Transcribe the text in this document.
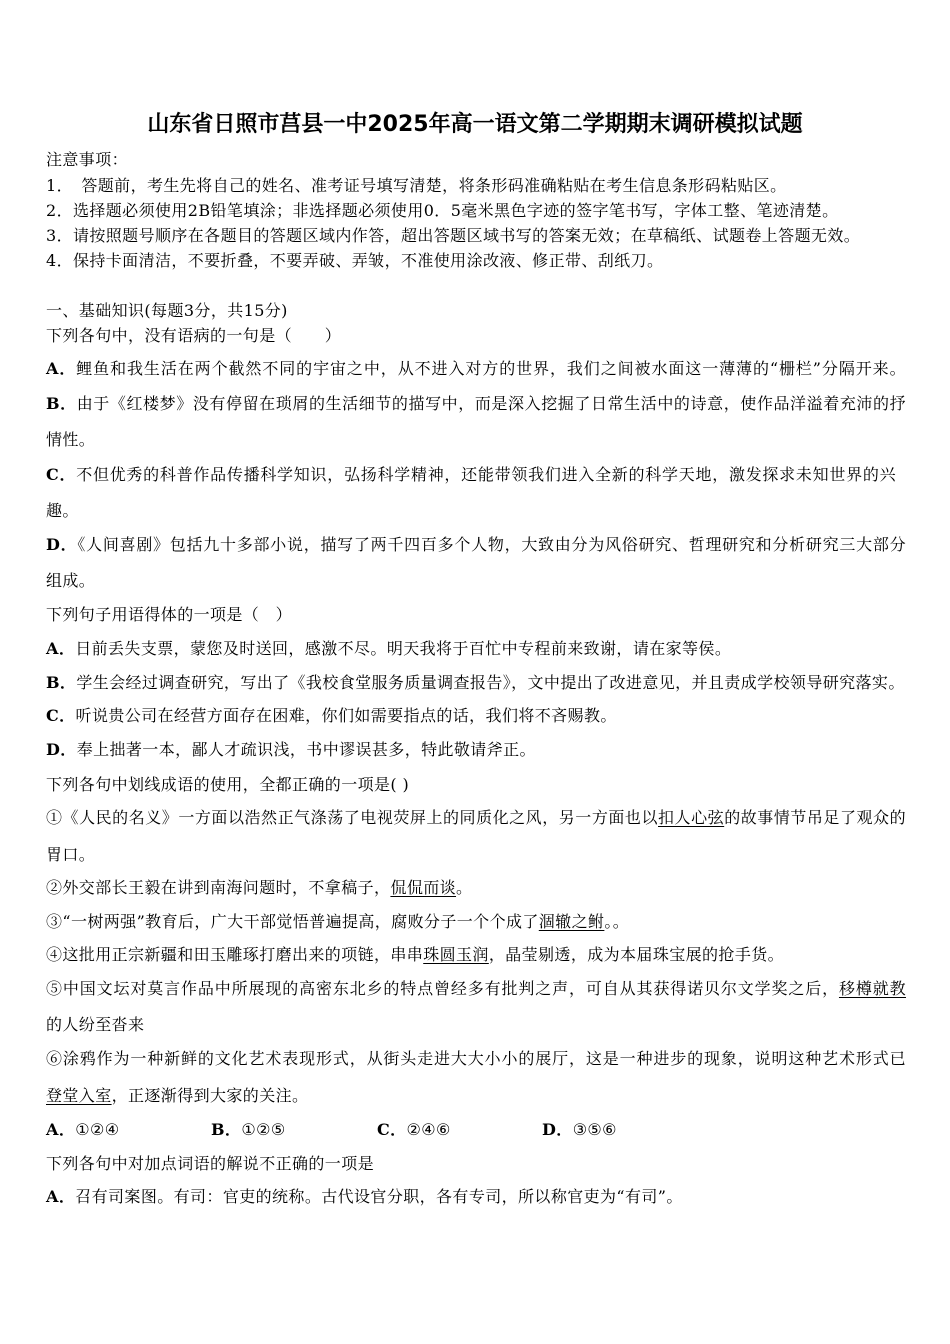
山东省日照市莒县一中2025年高一语文第二学期期末调研模拟试题
注意事项：
1．　答题前，考生先将自己的姓名、准考证号填写清楚，将条形码准确粘贴在考生信息条形码粘贴区。
2．选择题必须使用2B铅笔填涂；非选择题必须使用0．5毫米黑色字迹的签字笔书写，字体工整、笔迹清楚。
3．请按照题号顺序在各题目的答题区域内作答，超出答题区域书写的答案无效；在草稿纸、试题卷上答题无效。
4．保持卡面清洁，不要折叠，不要弄破、弄皱，不准使用涂改液、修正带、刮纸刀。
一、基础知识(每题3分，共15分)
下列各句中，没有语病的一句是（　　）
A．鲤鱼和我生活在两个截然不同的宇宙之中，从不进入对方的世界，我们之间被水面这一薄薄的“栅栏”分隔开来。
B．由于《红楼梦》没有停留在琐屑的生活细节的描写中，而是深入挖掘了日常生活中的诗意，使作品洋溢着充沛的抒
情性。
C．不但优秀的科普作品传播科学知识，弘扬科学精神，还能带领我们进入全新的科学天地，激发探求未知世界的兴
趣。
D．《人间喜剧》包括九十多部小说，描写了两千四百多个人物，大致由分为风俗研究、哲理研究和分析研究三大部分
组成。
下列句子用语得体的一项是（　）
A．日前丢失支票，蒙您及时送回，感激不尽。明天我将于百忙中专程前来致谢，请在家等侯。
B．学生会经过调查研究，写出了《我校食堂服务质量调查报告》，文中提出了改进意见，并且责成学校领导研究落实。
C．听说贵公司在经营方面存在困难，你们如需要指点的话，我们将不吝赐教。
D．奉上拙著一本，鄙人才疏识浅，书中谬误甚多，特此敬请斧正。
下列各句中划线成语的使用，全都正确的一项是( )
①《人民的名义》一方面以浩然正气涤荡了电视荧屏上的同质化之风，另一方面也以扣人心弦的故事情节吊足了观众的
胃口。
②外交部长王毅在讲到南海问题时，不拿稿子，侃侃而谈。
③“一树两强”教育后，广大干部觉悟普遍提高，腐败分子一个个成了涸辙之鲋。。
④这批用正宗新疆和田玉雕琢打磨出来的项链，串串珠圆玉润，晶莹剔透，成为本届珠宝展的抢手货。
⑤中国文坛对莫言作品中所展现的高密东北乡的特点曾经多有批判之声，可自从其获得诺贝尔文学奖之后，移樽就教
的人纷至沓来
⑥涂鸦作为一种新鲜的文化艺术表现形式，从街头走进大大小小的展厅，这是一种进步的现象，说明这种艺术形式已
登堂入室，正逐渐得到大家的关注。
A．①②④	B．①②⑤	C．②④⑥	D．③⑤⑥
下列各句中对加点词语的解说不正确的一项是
A．召有司案图。有司：官吏的统称。古代设官分职，各有专司，所以称官吏为“有司”。
